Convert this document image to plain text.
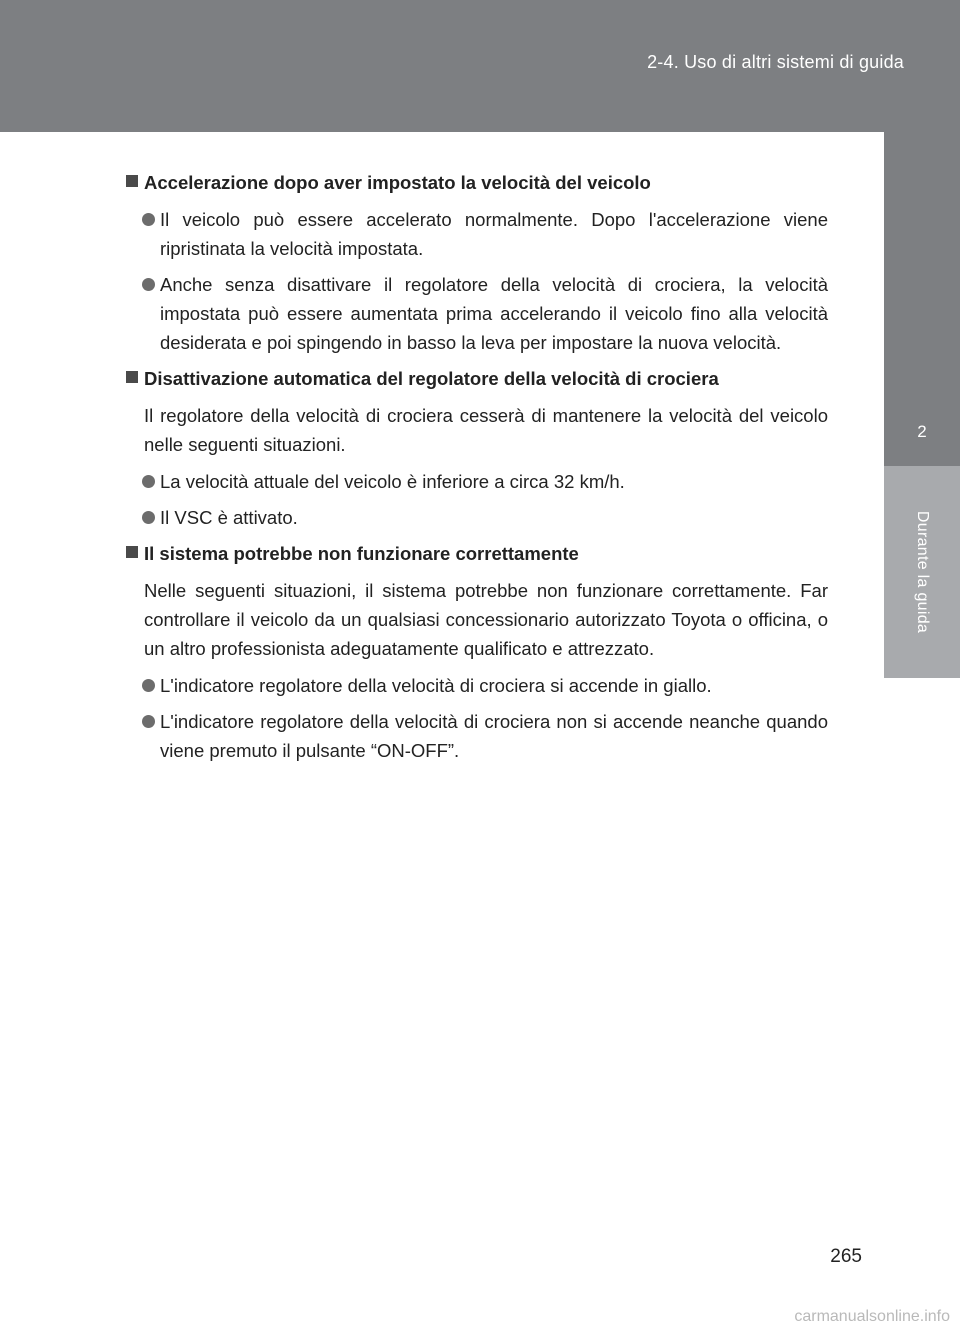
2-4. Uso di altri sistemi di guida
2
Durante la guida
Accelerazione dopo aver impostato la velocità del veicolo
Il veicolo può essere accelerato normalmente. Dopo l'accelerazione viene ripristinata la velocità impostata.
Anche senza disattivare il regolatore della velocità di crociera, la velocità impostata può essere aumentata prima accelerando il veicolo fino alla velocità desiderata e poi spingendo in basso la leva per impostare la nuova velocità.
Disattivazione automatica del regolatore della velocità di crociera
Il regolatore della velocità di crociera cesserà di mantenere la velocità del veicolo nelle seguenti situazioni.
La velocità attuale del veicolo è inferiore a circa 32 km/h.
Il VSC è attivato.
Il sistema potrebbe non funzionare correttamente
Nelle seguenti situazioni, il sistema potrebbe non funzionare correttamente. Far controllare il veicolo da un qualsiasi concessionario autorizzato Toyota o officina, o un altro professionista adeguatamente qualificato e attrezzato.
L'indicatore regolatore della velocità di crociera si accende in giallo.
L'indicatore regolatore della velocità di crociera non si accende neanche quando viene premuto il pulsante “ON-OFF”.
265
carmanualsonline.info
